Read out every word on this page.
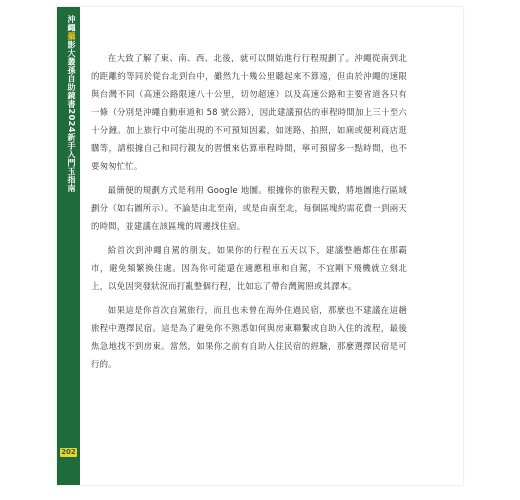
沖繩攝影大叢孫自助鏡書2024新手入門玉指南
202

在大致了解了東、南、西、北後，就可以開始進行行程規劃了。沖繩從南到北的距離約等同於從台北到台中，雖然九十幾公里聽起來不算遠，但由於沖繩的速限與台灣不同（高速公路限速八十公里，切勿超速）以及高速公路和主要省道各只有一條（分別是沖繩自動車道和 58 號公路），因此建議預估的車程時間加上三十至六十分鐘。加上旅行中可能出現的不可預知因素，如迷路、拍照，如廁或便利商店逛購等，請根據自己和同行親友的習慣來估算車程時間，寧可預留多一點時間，也不要匆匆忙忙。

最簡便的規劃方式是利用 Google 地圖。根據你的旅程天數，將地圖進行區域劃分（如右圖所示）。不論是由北至南，或是由南至北，每個區塊約需花費一到兩天的時間，並建議在該區塊的周邊找住宿。

給首次到沖繩自駕的朋友，如果你的行程在五天以下，建議整趟都住在那霸市，避免頻繁換住處。因為你可能還在適應租車和自駕，不宜剛下飛機就立刻北上，以免因突發狀況而打亂整個行程，比如忘了帶台灣駕照或其譯本。

如果這是你首次自駕旅行，而且也未曾在海外住過民宿，那麼也不建議在這趟旅程中選擇民宿。這是為了避免你不熟悉如何與房東聯繫或自助入住的流程，最後焦急地找不到房東。當然，如果你之前有自助入住民宿的經驗，那麼選擇民宿是可行的。
